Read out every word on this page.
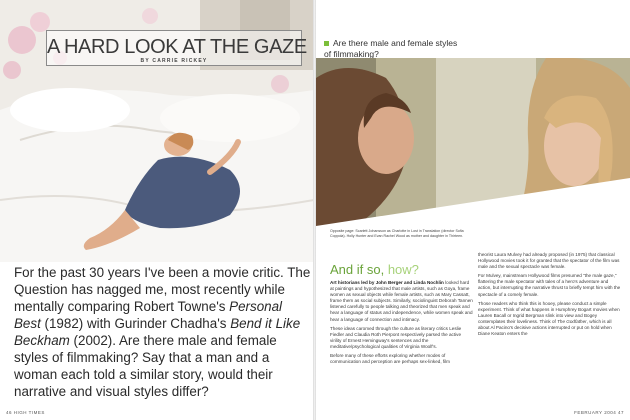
A HARD LOOK AT THE GAZE
BY CARRIE RICKEY

For the past 30 years I've been a movie critic. The Question has nagged me, most recently while mentally comparing Robert Towne's Personal Best (1982) with Gurinder Chadha's Bend it Like Beckham (2002). Are there male and female styles of filmmaking? Say that a man and a woman each told a similar story, would their narrative and visual styles differ?

46 HIGH TIMES
Are there male and female styles of filmmaking?
Opposite page: Scarlett Johansson as Charlotte in Lost in Translation (director Sofia Coppola). Holly Hunter and Evan Rachel Wood as mother and daughter in Thirteen.
And if so, how?

Art historians led by John Berger and Linda Nochlin looked hard at paintings and hypothesized that male artists, such as Goya, frame women as sexual objects while female artists, such as Mary Cassatt, frame them as social subjects. Similarly, sociolinguist Deborah Tannen listened carefully to people talking and theorized that men speak and hear a language of status and independence, while women speak and hear a language of connection and intimacy.

These ideas caromed through the culture as literary critics Leslie Fiedler and Claudia Roth Pierpont respectively parsed the active virility of Ernest Hemingway's sentences and the meditative/psychological qualities of Virginia Woolf's.

Before many of these efforts exploring whether modes of communication and perception are perhaps sex-linked, film

theorist Laura Mulvey had already proposed (in 1975) that classical Hollywood movies took it for granted that the spectator of the film was male and the sexual spectacle was female.

For Mulvey, mainstream Hollywood films presumed "the male gaze," flattering the male spectator with tales of a hero's adventure and action, but interrupting the narrative thrust to briefly tempt him with the spectacle of a comely female.

Those readers who think this is hooey, please conduct a simple experiment. Think of what happens in Humphrey Bogart movies when Lauren Bacall or Ingrid Bergman slink into view and Bogey contemplates their loveliness. Think of The Godfather, which is all about Al Pacino's decisive actions interrupted or put on hold when Diane Keaton enters the

FEBRUARY 2004 47
